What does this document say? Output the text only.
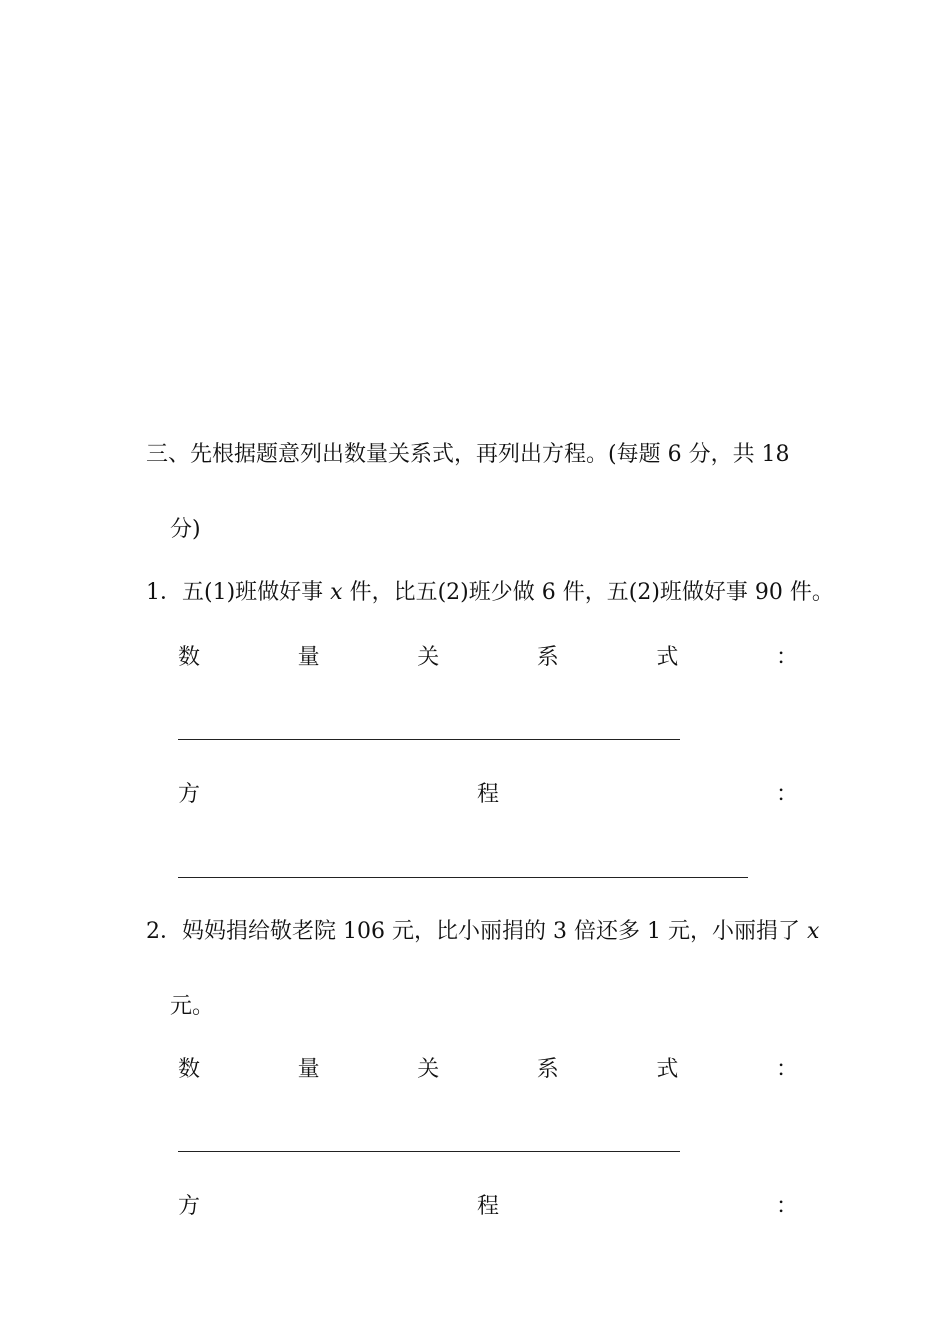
三、先根据题意列出数量关系式，再列出方程。(每题 6 分，共 18
分)
1．五(1)班做好事 x 件，比五(2)班少做 6 件，五(2)班做好事 90 件。
数	量	关	系	式	：
方	程	：
2．妈妈捐给敬老院 106 元，比小丽捐的 3 倍还多 1 元，小丽捐了 x
元。
数	量	关	系	式	：
方	程	：
